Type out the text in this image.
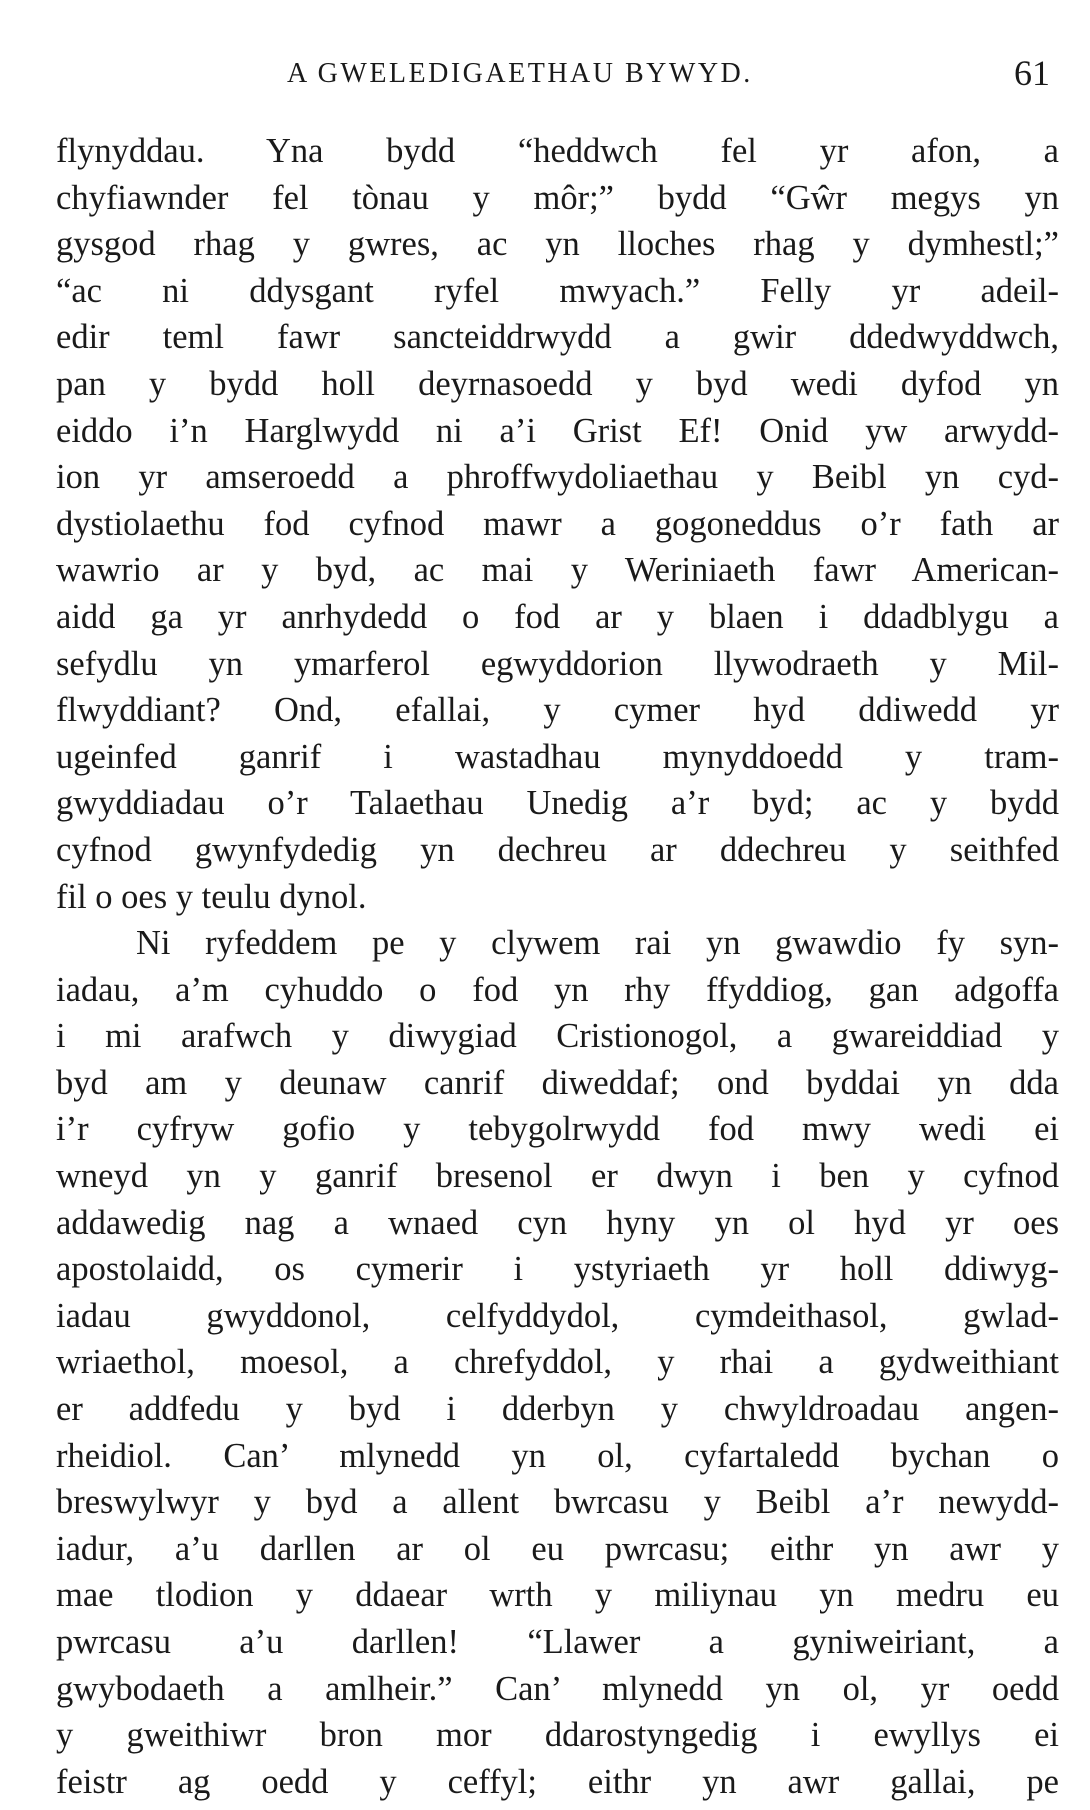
A GWELEDIGAETHAU BYWYD.	61
flynyddau. Yna bydd “heddwch fel yr afon, a
chyfiawnder fel tònau y môr;” bydd “Gŵr megys yn
gysgod rhag y gwres, ac yn lloches rhag y dymhestl;”
“ac ni ddysgant ryfel mwyach.” Felly yr adeil-
edir teml fawr sancteiddrwydd a gwir ddedwyddwch,
pan y bydd holl deyrnasoedd y byd wedi dyfod yn
eiddo i’n Harglwydd ni a’i Grist Ef! Onid yw arwydd-
ion yr amseroedd a phroffwydoliaethau y Beibl yn cyd-
dystiolaethu fod cyfnod mawr a gogoneddus o’r fath ar
wawrio ar y byd, ac mai y Weriniaeth fawr American-
aidd ga yr anrhydedd o fod ar y blaen i ddadblygu a
sefydlu yn ymarferol egwyddorion llywodraeth y Mil-
flwyddiant? Ond, efallai, y cymer hyd ddiwedd yr
ugeinfed ganrif i wastadhau mynyddoedd y tram-
gwyddiadau o’r Talaethau Unedig a’r byd; ac y bydd
cyfnod gwynfydedig yn dechreu ar ddechreu y seithfed
fil o oes y teulu dynol.
Ni ryfeddem pe y clywem rai yn gwawdio fy syn-
iadau, a’m cyhuddo o fod yn rhy ffyddiog, gan adgoffa
i mi arafwch y diwygiad Cristionogol, a gwareiddiad y
byd am y deunaw canrif diweddaf; ond byddai yn dda
i’r cyfryw gofio y tebygolrwydd fod mwy wedi ei
wneyd yn y ganrif bresenol er dwyn i ben y cyfnod
addawedig nag a wnaed cyn hyny yn ol hyd yr oes
apostolaidd, os cymerir i ystyriaeth yr holl ddiwyg-
iadau gwyddonol, celfyddydol, cymdeithasol, gwlad-
wriaethol, moesol, a chrefyddol, y rhai a gydweithiant
er addfedu y byd i dderbyn y chwyldroadau angen-
rheidiol. Can’ mlynedd yn ol, cyfartaledd bychan o
breswylwyr y byd a allent bwrcasu y Beibl a’r newydd-
iadur, a’u darllen ar ol eu pwrcasu; eithr yn awr y
mae tlodion y ddaear wrth y miliynau yn medru eu
pwrcasu a’u darllen! “Llawer a gyniweiriant, a
gwybodaeth a amlheir.” Can’ mlynedd yn ol, yr oedd
y gweithiwr bron mor ddarostyngedig i ewyllys ei
feistr ag oedd y ceffyl; eithr yn awr gallai, pe
